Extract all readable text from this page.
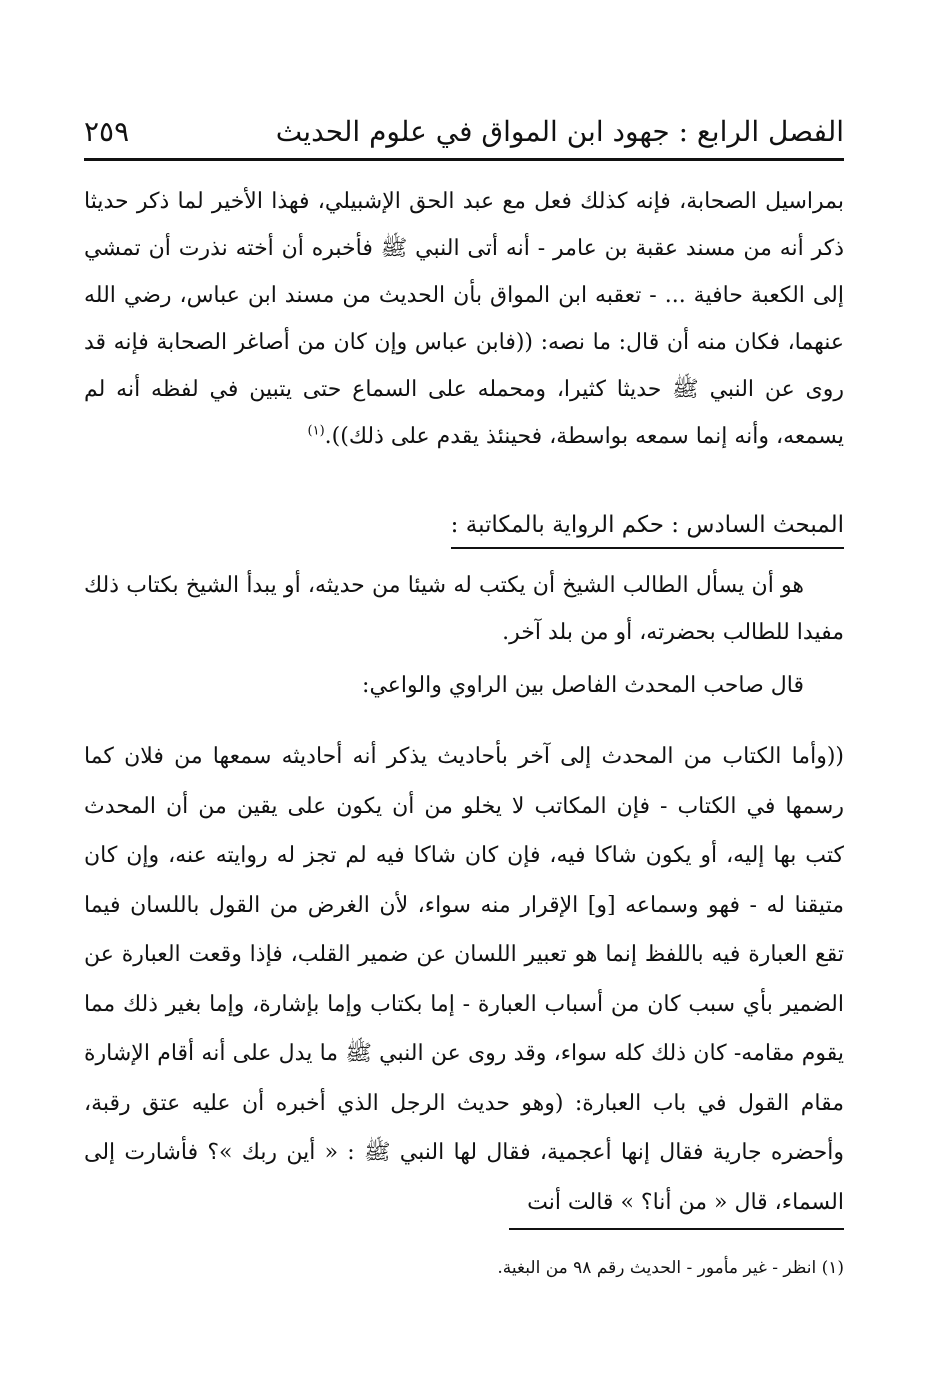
الفصل الرابع : جهود ابن المواق في علوم الحديث
٢٥٩
بمراسيل الصحابة، فإنه كذلك فعل مع عبد الحق الإشبيلي، فهذا الأخير لما ذكر حديثا ذكر أنه من مسند عقبة بن عامر - أنه أتى النبي ﷺ فأخبره أن أخته نذرت أن تمشي إلى الكعبة حافية ... - تعقبه ابن المواق بأن الحديث من مسند ابن عباس، رضي الله عنهما، فكان منه أن قال: ما نصه: ((فابن عباس وإن كان من أصاغر الصحابة فإنه قد روى عن النبي ﷺ حديثا كثيرا، ومحمله على السماع حتى يتبين في لفظه أنه لم يسمعه، وأنه إنما سمعه بواسطة، فحينئذ يقدم على ذلك)).$^{(١)}$
المبحث السادس : حكم الرواية بالمكاتبة :
هو أن يسأل الطالب الشيخ أن يكتب له شيئا من حديثه، أو يبدأ الشيخ بكتاب ذلك مفيدا للطالب بحضرته، أو من بلد آخر.
قال صاحب المحدث الفاصل بين الراوي والواعي:
((وأما الكتاب من المحدث إلى آخر بأحاديث يذكر أنه أحاديثه سمعها من فلان كما رسمها في الكتاب - فإن المكاتب لا يخلو من أن يكون على يقين من أن المحدث كتب بها إليه، أو يكون شاكا فيه، فإن كان شاكا فيه لم تجز له روايته عنه، وإن كان متيقنا له - فهو وسماعه [و] الإقرار منه سواء، لأن الغرض من القول باللسان فيما تقع العبارة فيه باللفظ إنما هو تعبير اللسان عن ضمير القلب، فإذا وقعت العبارة عن الضمير بأي سبب كان من أسباب العبارة - إما بكتاب وإما بإشارة، وإما بغير ذلك مما يقوم مقامه- كان ذلك كله سواء، وقد روى عن النبي ﷺ ما يدل على أنه أقام الإشارة مقام القول في باب العبارة: (وهو حديث الرجل الذي أخبره أن عليه عتق رقبة، وأحضره جارية فقال إنها أعجمية، فقال لها النبي ﷺ : « أين ربك »؟ فأشارت إلى السماء، قال « من أنا؟ » قالت أنت
(١) انظر - غير مأمور - الحديث رقم ٩٨ من البغية.
